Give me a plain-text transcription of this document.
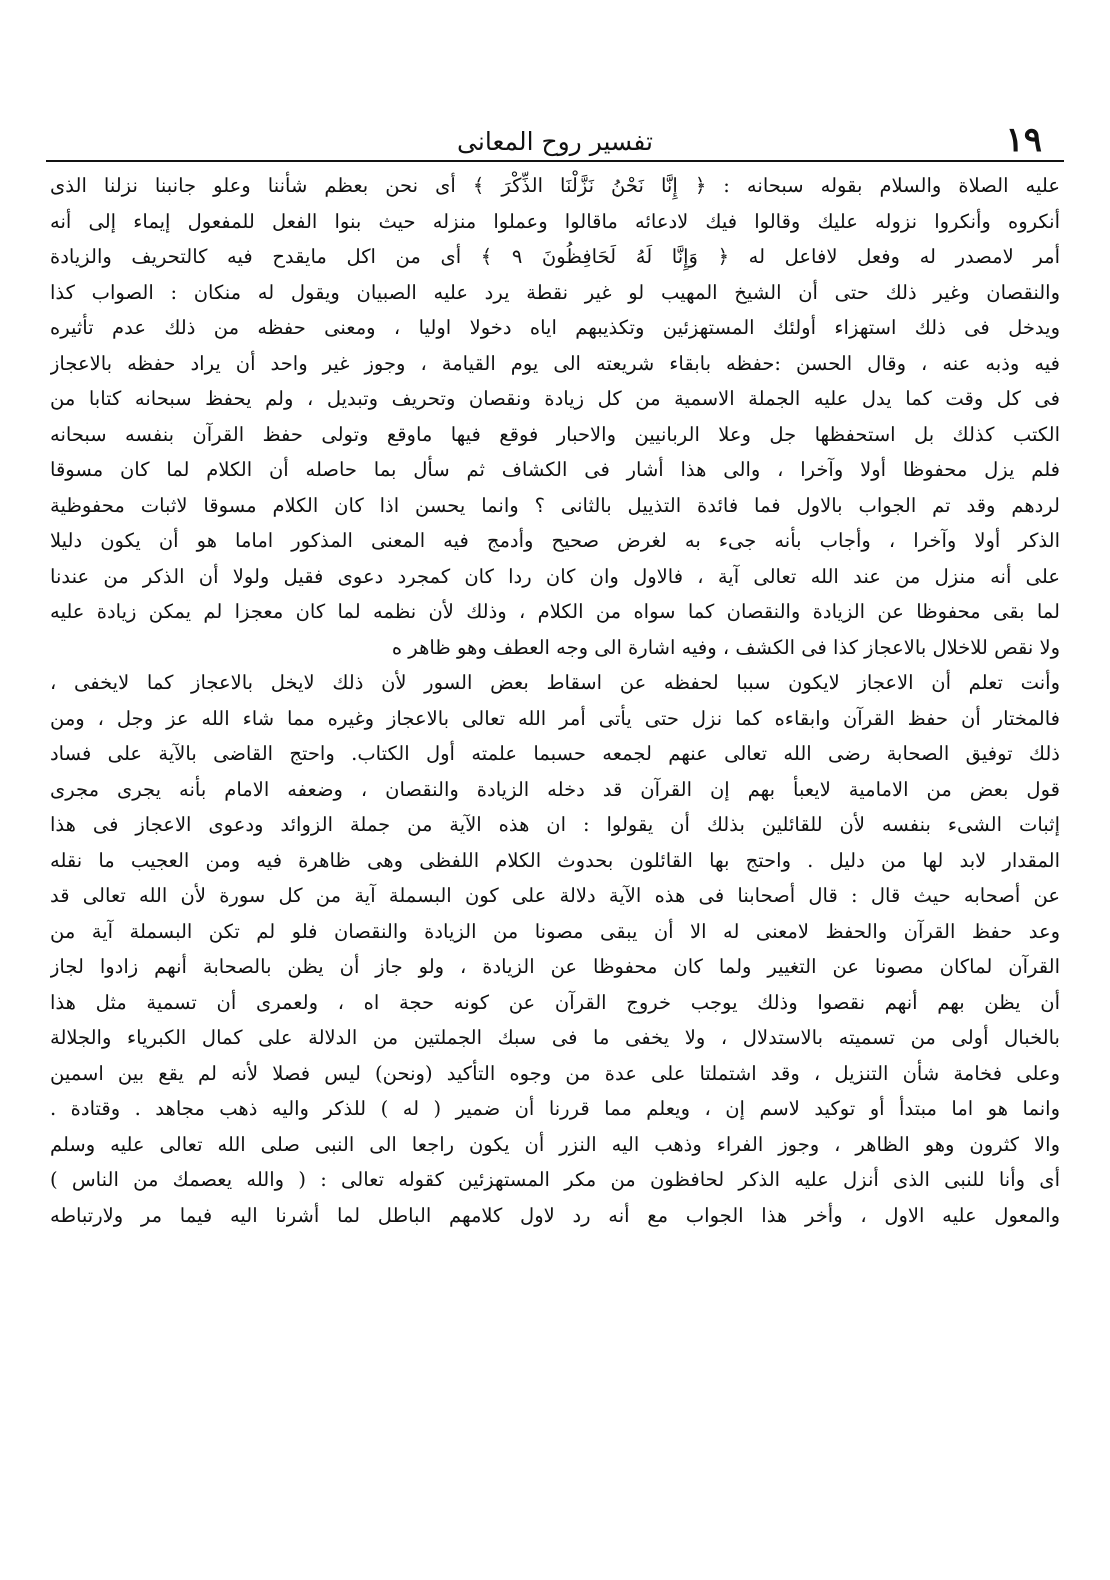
١٩
تفسير روح المعانى
عليه الصلاة والسلام بقوله سبحانه : ﴿ إِنَّا نَحْنُ نَزَّلْنَا الذِّكْرَ ﴾ أى نحن بعظم شأننا وعلو جانبنا نزلنا الذى
أنكروه وأنكروا نزوله عليك وقالوا فيك لادعائه ماقالوا وعملوا منزله حيث بنوا الفعل للمفعول إيماء إلى أنه
أمر لامصدر له وفعل لافاعل له ﴿ وَإِنَّا لَهُ لَحَافِظُونَ ٩ ﴾ أى من اكل مايقدح فيه كالتحريف والزيادة
والنقصان وغير ذلك حتى أن الشيخ المهيب لو غير نقطة يرد عليه الصبيان ويقول له منكان : الصواب كذا
ويدخل فى ذلك استهزاء أولئك المستهزئين وتكذيبهم اياه دخولا اوليا ، ومعنى حفظه من ذلك عدم تأثيره
فيه وذبه عنه ، وقال الحسن :حفظه بابقاء شريعته الى يوم القيامة ، وجوز غير واحد أن يراد حفظه بالاعجاز
فى كل وقت كما يدل عليه الجملة الاسمية من كل زيادة ونقصان وتحريف وتبديل ، ولم يحفظ سبحانه كتابا من
الكتب كذلك بل استحفظها جل وعلا الربانيين والاحبار فوقع فيها ماوقع وتولى حفظ القرآن بنفسه سبحانه
فلم يزل محفوظا أولا وآخرا ، والى هذا أشار فى الكشاف ثم سأل بما حاصله أن الكلام لما كان مسوقا
لردهم وقد تم الجواب بالاول فما فائدة التذييل بالثانى ؟ وانما يحسن اذا كان الكلام مسوقا لاثبات محفوظية
الذكر أولا وآخرا ، وأجاب بأنه جىء به لغرض صحيح وأدمج فيه المعنى المذكور اماما هو أن يكون دليلا
على أنه منزل من عند الله تعالى آية ، فالاول وان كان ردا كان كمجرد دعوى فقيل ولولا أن الذكر من عندنا
لما بقى محفوظا عن الزيادة والنقصان كما سواه من الكلام ، وذلك لأن نظمه لما كان معجزا لم يمكن زيادة عليه
ولا نقص للاخلال بالاعجاز كذا فى الكشف ، وفيه اشارة الى وجه العطف وهو ظاهر ه
وأنت تعلم أن الاعجاز لايكون سببا لحفظه عن اسقاط بعض السور لأن ذلك لايخل بالاعجاز كما لايخفى ،
فالمختار أن حفظ القرآن وابقاءه كما نزل حتى يأتى أمر الله تعالى بالاعجاز وغيره مما شاء الله عز وجل ، ومن
ذلك توفيق الصحابة رضى الله تعالى عنهم لجمعه حسبما علمته أول الكتاب. واحتج القاضى بالآية على فساد
قول بعض من الامامية لايعبأ بهم إن القرآن قد دخله الزيادة والنقصان ، وضعفه الامام بأنه يجرى مجرى
إثبات الشىء بنفسه لأن للقائلين بذلك أن يقولوا : ان هذه الآية من جملة الزوائد ودعوى الاعجاز فى هذا
المقدار لابد لها من دليل . واحتج بها القائلون بحدوث الكلام اللفظى وهى ظاهرة فيه ومن العجيب ما نقله
عن أصحابه حيث قال : قال أصحابنا فى هذه الآية دلالة على كون البسملة آية من كل سورة لأن الله تعالى قد
وعد حفظ القرآن والحفظ لامعنى له الا أن يبقى مصونا من الزيادة والنقصان فلو لم تكن البسملة آية من
القرآن لماكان مصونا عن التغيير ولما كان محفوظا عن الزيادة ، ولو جاز أن يظن بالصحابة أنهم زادوا لجاز
أن يظن بهم أنهم نقصوا وذلك يوجب خروج القرآن عن كونه حجة اه ، ولعمرى أن تسمية مثل هذا
بالخبال أولى من تسميته بالاستدلال ، ولا يخفى ما فى سبك الجملتين من الدلالة على كمال الكبرياء والجلالة
وعلى فخامة شأن التنزيل ، وقد اشتملتا على عدة من وجوه التأكيد (ونحن) ليس فصلا لأنه لم يقع بين اسمين
وانما هو اما مبتدأ أو توكيد لاسم إن ، ويعلم مما قررنا أن ضمير ( له ) للذكر واليه ذهب مجاهد . وقتادة .
والا كثرون وهو الظاهر ، وجوز الفراء وذهب اليه النزر أن يكون راجعا الى النبى صلى الله تعالى عليه وسلم
أى وأنا للنبى الذى أنزل عليه الذكر لحافظون من مكر المستهزئين كقوله تعالى : ( والله يعصمك من الناس )
والمعول عليه الاول ، وأخر هذا الجواب مع أنه رد لاول كلامهم الباطل لما أشرنا اليه فيما مر ولارتباطه
